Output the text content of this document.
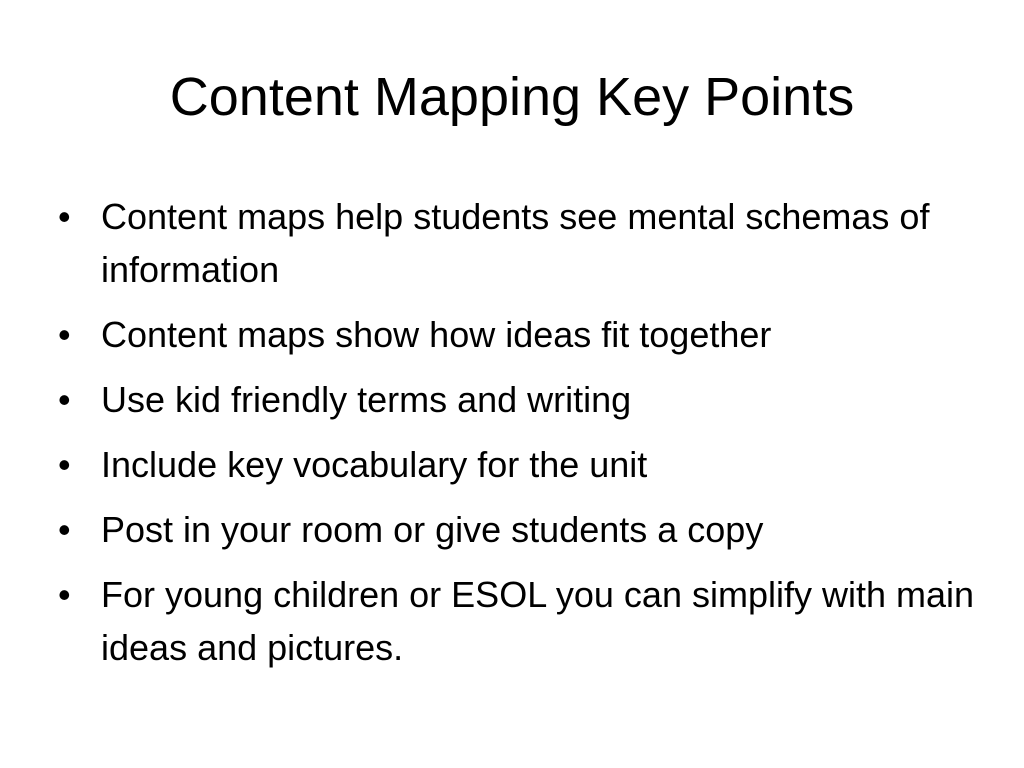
Content Mapping Key Points
• Content maps help students see mental schemas of information
• Content maps show how ideas fit together
• Use kid friendly terms and writing
• Include key vocabulary for the unit
• Post in your room or give students a copy
• For young children or ESOL you can simplify with main ideas and pictures.
